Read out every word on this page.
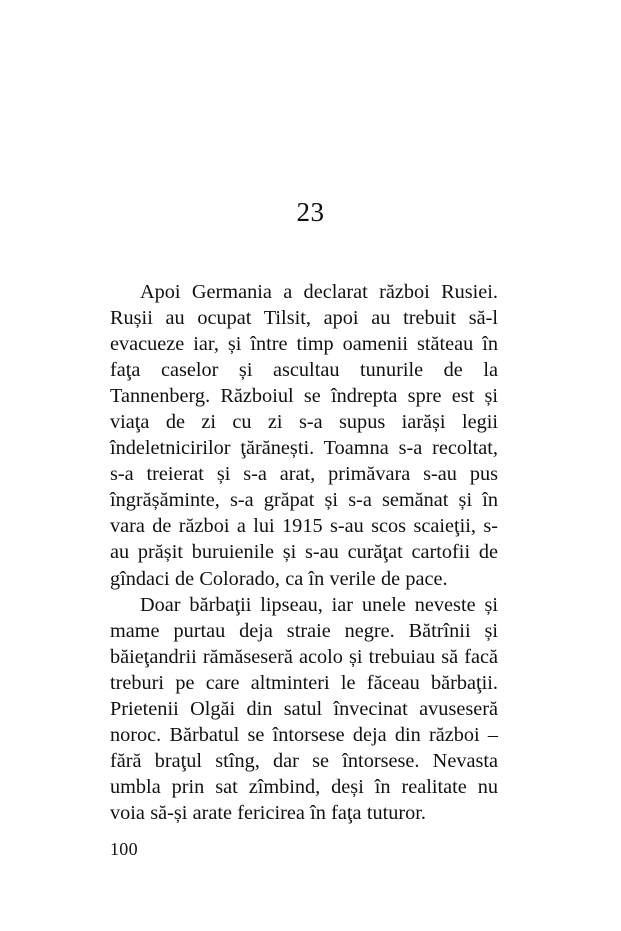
23

Apoi Germania a declarat război Rusiei. Rușii au ocupat Tilsit, apoi au trebuit să-l evacueze iar, și între timp oamenii stăteau în faţa caselor și ascultau tunurile de la Tannenberg. Războiul se îndrepta spre est și viaţa de zi cu zi s-a supus iarăși legii îndeletnicirilor ţărănești. Toamna s-a recoltat, s-a treierat și s-a arat, primăvara s-au pus îngrășăminte, s-a grăpat și s-a semănat și în vara de război a lui 1915 s-au scos scaieţii, s-au prășit buruienile și s-au curăţat cartofii de gîndaci de Colorado, ca în verile de pace.

Doar bărbaţii lipseau, iar unele neveste și mame purtau deja straie negre. Bătrînii și băieţandrii rămăseseră acolo și trebuiau să facă treburi pe care altminteri le făceau bărbaţii. Prietenii Olgăi din satul învecinat avuseseră noroc. Bărbatul se întorsese deja din război – fără braţul stîng, dar se întorsese. Nevasta umbla prin sat zîmbind, deși în realitate nu voia să-și arate fericirea în faţa tuturor.

100
